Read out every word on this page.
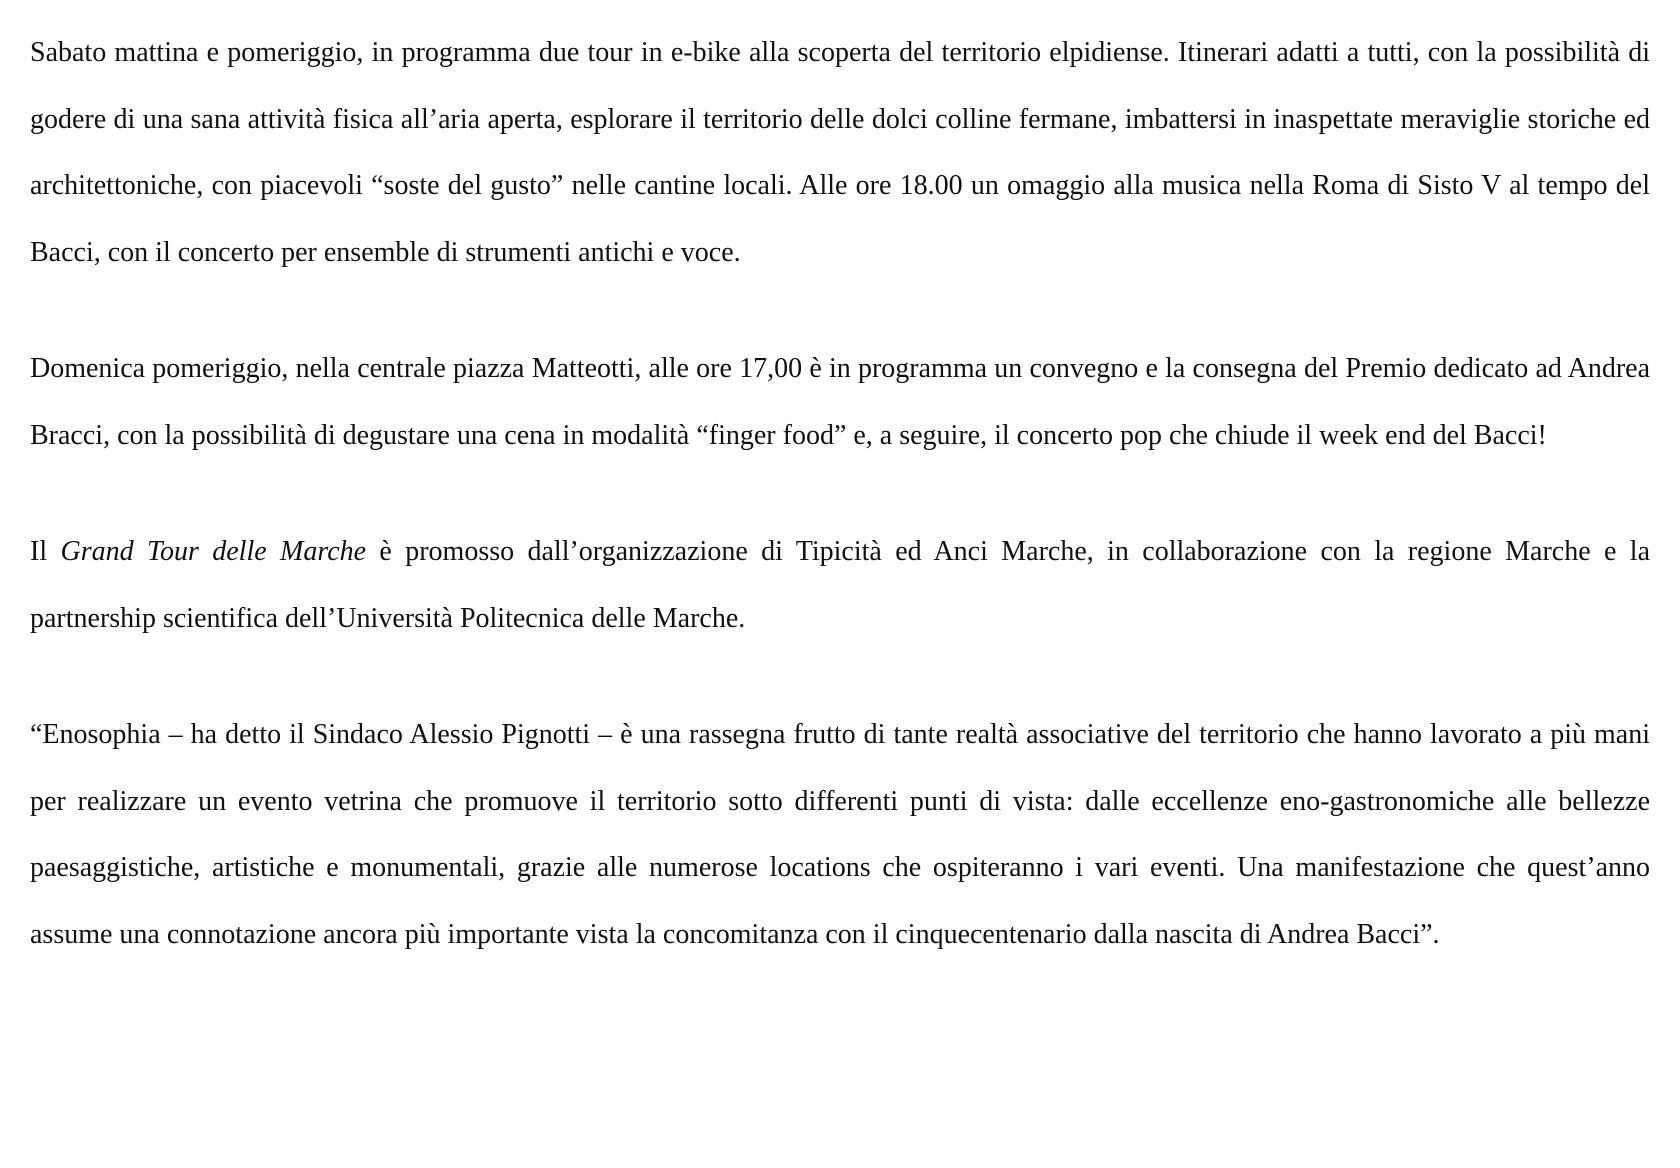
Sabato mattina e pomeriggio, in programma due tour in e-bike alla scoperta del territorio elpidiense. Itinerari adatti a tutti, con la possibilità di godere di una sana attività fisica all’aria aperta, esplorare il territorio delle dolci colline fermane, imbattersi in inaspettate meraviglie storiche ed architettoniche, con piacevoli “soste del gusto” nelle cantine locali. Alle ore 18.00 un omaggio alla musica nella Roma di Sisto V al tempo del Bacci, con il concerto per ensemble di strumenti antichi e voce.

Domenica pomeriggio, nella centrale piazza Matteotti, alle ore 17,00 è in programma un convegno e la consegna del Premio dedicato ad Andrea Bracci, con la possibilità di degustare una cena in modalità “finger food” e, a seguire, il concerto pop che chiude il week end del Bacci!

Il Grand Tour delle Marche è promosso dall’organizzazione di Tipicità ed Anci Marche, in collaborazione con la regione Marche e la partnership scientifica dell’Università Politecnica delle Marche.

“Enosophia – ha detto il Sindaco Alessio Pignotti – è una rassegna frutto di tante realtà associative del territorio che hanno lavorato a più mani per realizzare un evento vetrina che promuove il territorio sotto differenti punti di vista: dalle eccellenze eno-gastronomiche alle bellezze paesaggistiche, artistiche e monumentali, grazie alle numerose locations che ospiteranno i vari eventi. Una manifestazione che quest’anno assume una connotazione ancora più importante vista la concomitanza con il cinquecentenario dalla nascita di Andrea Bacci”.
